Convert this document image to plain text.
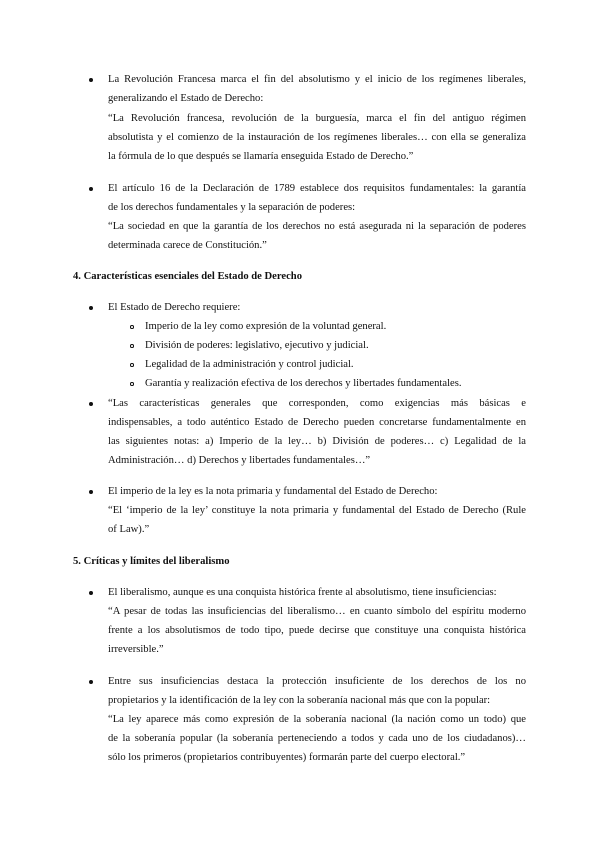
La Revolución Francesa marca el fin del absolutismo y el inicio de los regímenes liberales,
generalizando el Estado de Derecho:
“La Revolución francesa, revolución de la burguesía, marca el fin del antiguo régimen
absolutista y el comienzo de la instauración de los regímenes liberales… con ella se generaliza
la fórmula de lo que después se llamaría enseguida Estado de Derecho.”
El artículo 16 de la Declaración de 1789 establece dos requisitos fundamentales: la garantía
de los derechos fundamentales y la separación de poderes:
“La sociedad en que la garantía de los derechos no está asegurada ni la separación de poderes
determinada carece de Constitución.”
4. Características esenciales del Estado de Derecho
El Estado de Derecho requiere:
Imperio de la ley como expresión de la voluntad general.
División de poderes: legislativo, ejecutivo y judicial.
Legalidad de la administración y control judicial.
Garantía y realización efectiva de los derechos y libertades fundamentales.
“Las características generales que corresponden, como exigencias más básicas e
indispensables, a todo auténtico Estado de Derecho pueden concretarse fundamentalmente en
las siguientes notas: a) Imperio de la ley… b) División de poderes… c) Legalidad de la
Administración… d) Derechos y libertades fundamentales…”
El imperio de la ley es la nota primaria y fundamental del Estado de Derecho:
“El ‘imperio de la ley’ constituye la nota primaria y fundamental del Estado de Derecho (Rule
of Law).”
5. Críticas y límites del liberalismo
El liberalismo, aunque es una conquista histórica frente al absolutismo, tiene insuficiencias:
“A pesar de todas las insuficiencias del liberalismo… en cuanto símbolo del espíritu moderno
frente a los absolutismos de todo tipo, puede decirse que constituye una conquista histórica
irreversible.”
Entre sus insuficiencias destaca la protección insuficiente de los derechos de los no
propietarios y la identificación de la ley con la soberanía nacional más que con la popular:
“La ley aparece más como expresión de la soberanía nacional (la nación como un todo) que
de la soberanía popular (la soberanía perteneciendo a todos y cada uno de los ciudadanos)…
sólo los primeros (propietarios contribuyentes) formarán parte del cuerpo electoral.”
